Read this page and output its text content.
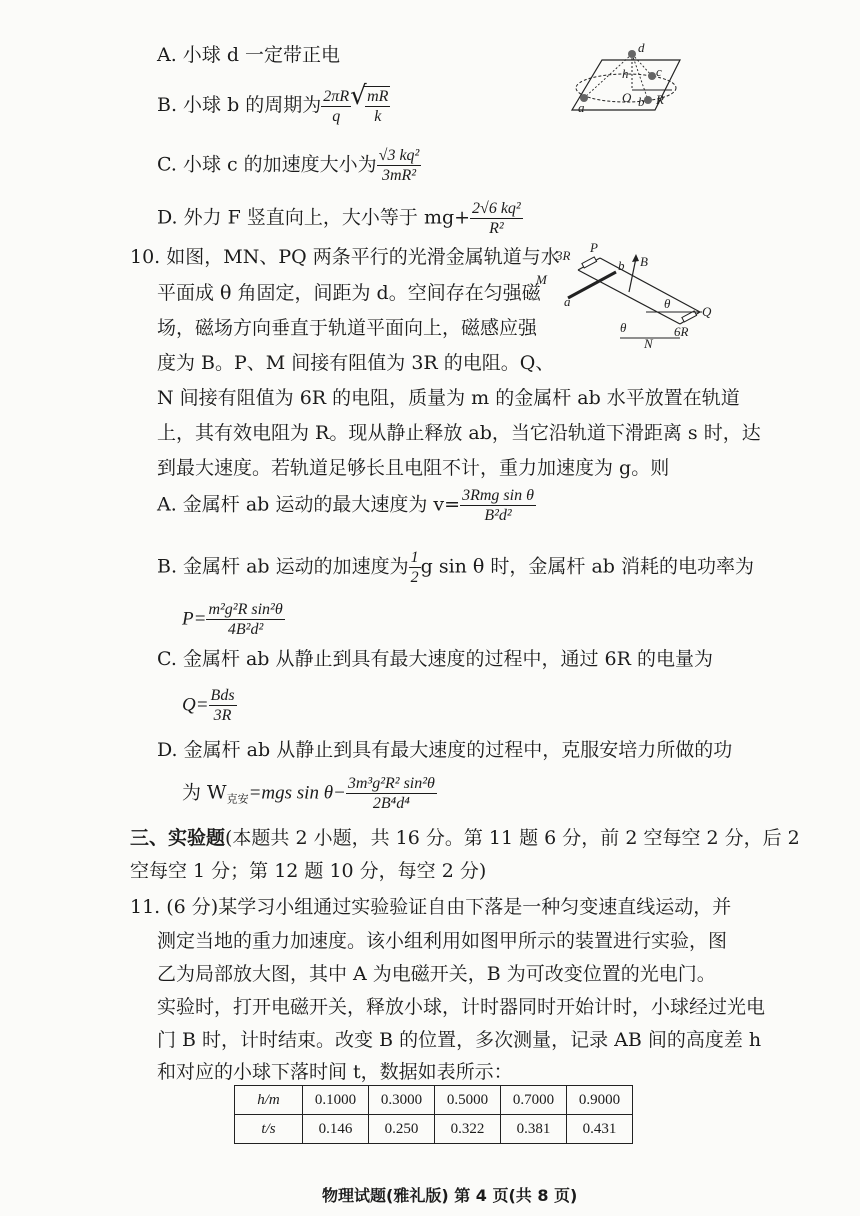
A. 小球 d 一定带正电
B. 小球 b 的周期为 $\frac{2\pi R}{q}$ √ $\frac{mR}{k}$
C. 小球 c 的加速度大小为 $\frac{\text{√3 kq²}}{\text{3mR²}}$
D. 外力 F 竖直向上，大小等于 $mg+ \frac{\text{2√6 kq²}}{\text{R²}}$
d
c
h
O b R
a
10. 如图，MN、PQ 两条平行的光滑金属轨道与水
平面成 θ 角固定，间距为 d。空间存在匀强磁
场，磁场方向垂直于轨道平面向上，磁感应强
度为 B。P、M 间接有阻值为 3R 的电阻。Q、
N 间接有阻值为 6R 的电阻，质量为 m 的金属杆 ab 水平放置在轨道
上，其有效电阻为 R。现从静止释放 ab，当它沿轨道下滑距离 s 时，达
到最大速度。若轨道足够长且电阻不计，重力加速度为 g。则
3R
P
b B
M
a	θ
Q
θ	6R
N
A. 金属杆 ab 运动的最大速度为 $v= \frac{\text{3Rmg sin θ}}{\text{B²d²}}$
B. 金属杆 ab 运动的加速度为 $\frac{1}{2}$ g sin θ 时，金属杆 ab 消耗的电功率为
$P= \frac{\text{m²g²R sin²θ}}{\text{4B²d²}}$
C. 金属杆 ab 从静止到具有最大速度的过程中，通过 6R 的电量为
$Q= \frac{\text{Bds}}{3R}$
D. 金属杆 ab 从静止到具有最大速度的过程中，克服安培力所做的功
为 $W_{克安}=mgs$ $\sin \theta- \frac{\text{3m³g²R² sin²θ}}{\text{2B⁴d⁴}}$
三、实验题(本题共 2 小题，共 16 分。第 11 题 6 分，前 2 空每空 2 分，后 2
空每空 1 分；第 12 题 10 分，每空 2 分)
11. (6 分)某学习小组通过实验验证自由下落是一种匀变速直线运动，并
测定当地的重力加速度。该小组利用如图甲所示的装置进行实验，图
乙为局部放大图，其中 A 为电磁开关，B 为可改变位置的光电门。
实验时，打开电磁开关，释放小球，计时器同时开始计时，小球经过光电
门 B 时，计时结束。改变 B 的位置，多次测量，记录 AB 间的高度差 h
和对应的小球下落时间 t，数据如表所示：
h/m	0.1000	0.3000	0.5000	0.7000	0.9000
t/s	0.146	0.250	0.322	0.381	0.431
物理试题(雅礼版) 第 4 页(共 8 页)
